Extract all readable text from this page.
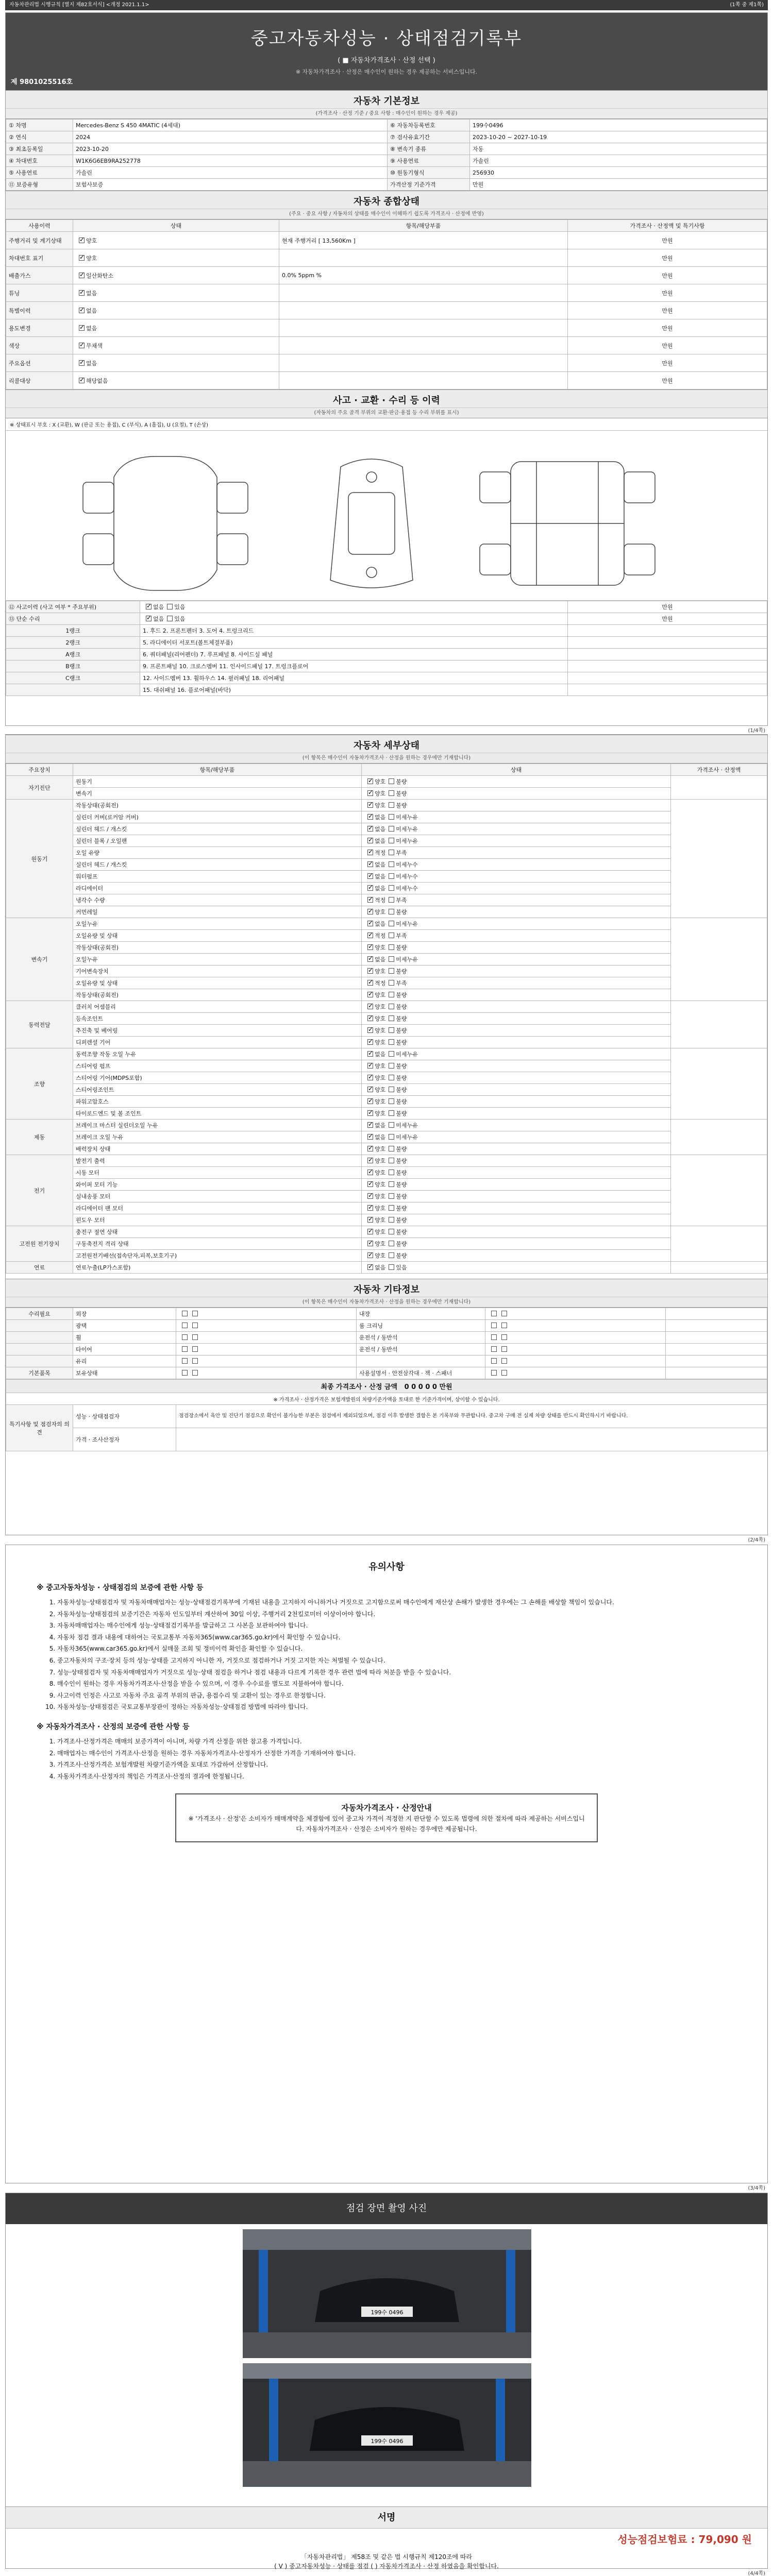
자동차관리법 시행규칙 [별지 제82호서식] <개정 2021.1.1>	(1쪽 중 제1쪽)
중고자동차성능 · 상태점검기록부
( ■ 자동차가격조사 · 산정 선택 )
※ 자동차가격조사 · 산정은 매수인이 원하는 경우 제공하는 서비스입니다.
제 9801025516호
자동차 기본정보
(가격조사 · 산정 기준 / 중요 사항 : 매수인이 원하는 경우 제공)
① 차명	Mercedes-Benz S 450 4MATIC (4세대)	⑥ 자동차등록번호	199수0496
② 연식	2024	⑦ 검사유효기간	2023-10-20 ~ 2027-10-19
③ 최초등록일	2023-10-20	⑧ 변속기 종류	자동
④ 차대번호	W1K6G6EB9RA252778	⑨ 사용연료	가솔린
⑤ 사용연료	가솔린	⑩ 원동기형식	256930
⑪ 보증유형	보험사보증	가격산정 기준가격	만원
자동차 종합상태
(주요 · 중요 사항 / 자동차의 상태를 매수인이 이해하기 쉽도록 가격조사 · 산정에 반영)
사용이력	상태	항목/해당부품	가격조사 · 산정액 및 특기사항
주행거리 및 계기상태	✓양호	현재 주행거리 [ 13,560Km ]	만원
차대번호 표기	✓양호		만원
배출가스	✓일산화탄소	0.0% 5ppm %	만원
튜닝	✓없음		만원
특별이력	✓없음		만원
용도변경	✓없음		만원
색상	✓무채색		만원
주요옵션	✓없음		만원
리콜대상	✓해당없음		만원
사고 · 교환 · 수리 등 이력
(자동차의 주요 골격 부위의 교환·판금·용접 등 수리 부위를 표시)
※ 상태표시 부호 : X (교환), W (판금 또는 용접), C (부식), A (흠집), U (요철), T (손상)
⑫ 사고이력 (사고 여부 * 주요부위)	✓없음 있음	만원
⑬ 단순 수리	✓없음 있음	만원
1랭크	1. 후드 2. 프론트펜더 3. 도어 4. 트렁크리드	
2랭크	5. 라디에이터 서포트(볼트체결부품)	
A랭크	6. 쿼터패널(리어펜더) 7. 루프패널 8. 사이드실 패널	
B랭크	9. 프론트패널 10. 크로스멤버 11. 인사이드패널 17. 트렁크플로어	
C랭크	12. 사이드멤버 13. 휠하우스 14. 필러패널 18. 리어패널	
	15. 대쉬패널 16. 플로어패널(바닥)	
(1/4쪽)
자동차 세부상태
(이 항목은 매수인이 자동차가격조사 · 산정을 원하는 경우에만 기재합니다)
주요장치	항목/해당부품	상태	가격조사 · 산정액
자기진단	원동기	✓양호 불량	
	변속기	✓양호 불량
원동기	작동상태(공회전)	✓양호 불량	
	실린더 커버(로커암 커버)	✓없음 미세누유
	실린더 헤드 / 개스킷	✓없음 미세누유
	실린더 블록 / 오일팬	✓없음 미세누유
	오일 유량	✓적정 부족
	실린더 헤드 / 개스킷	✓없음 미세누수
	워터펌프	✓없음 미세누수
	라디에이터	✓없음 미세누수
	냉각수 수량	✓적정 부족
	커먼레일	✓양호 불량
변속기	오일누유	✓없음 미세누유	
	오일유량 및 상태	✓적정 부족
	작동상태(공회전)	✓양호 불량
	오일누유	✓없음 미세누유
	기어변속장치	✓양호 불량
	오일유량 및 상태	✓적정 부족
	작동상태(공회전)	✓양호 불량
동력전달	클러치 어셈블리	✓양호 불량	
	등속조인트	✓양호 불량
	추진축 및 베어링	✓양호 불량
	디퍼렌셜 기어	✓양호 불량
조향	동력조향 작동 오일 누유	✓없음 미세누유	
	스티어링 펌프	✓양호 불량
	스티어링 기어(MDPS포함)	✓양호 불량
	스티어링조인트	✓양호 불량
	파워고압호스	✓양호 불량
	타이로드엔드 및 볼 조인트	✓양호 불량
제동	브레이크 마스터 실린더오일 누유	✓없음 미세누유	
	브레이크 오일 누유	✓없음 미세누유
	배력장치 상태	✓양호 불량
전기	발전기 출력	✓양호 불량	
	시동 모터	✓양호 불량
	와이퍼 모터 기능	✓양호 불량
	실내송풍 모터	✓양호 불량
	라디에이터 팬 모터	✓양호 불량
	윈도우 모터	✓양호 불량
고전원 전기장치	충전구 절연 상태	✓양호 불량	
	구동축전지 격리 상태	✓양호 불량
	고전원전기배선(접속단자,피복,보호기구)	✓양호 불량
연료	연료누출(LP가스포함)	✓없음 있음	
자동차 기타정보
(이 항목은 매수인이 자동차가격조사 · 산정을 원하는 경우에만 기재합니다)
수리필요	외장		내장		
	광택		룸 크리닝		
	휠		운전석 / 동반석		
	타이어		운전석 / 동반석		
	유리				
기본품목	보유상태		사용설명서 · 안전삼각대 · 잭 · 스패너		
최종 가격조사 · 산정 금액 0 0 0 0 0 만원		
※ 가격조사 · 산정가격은 보험개발원의 차량기준가액을 토대로 한 기준가격이며, 상이할 수 있습니다.		
특기사항 및 점검자의 의견	성능 · 상태점검자	점검장소에서 육안 및 진단기 점검으로 확인이 불가능한 부분은 점검에서 제외되었으며, 점검 이후 발생한 결함은 본 기록부와 무관합니다. 중고차 구매 전 실제 차량 상태를 반드시 확인하시기 바랍니다.
	가격 · 조사산정자	
(2/4쪽)
유의사항
※ 중고자동차성능 · 상태점검의 보증에 관한 사항 등
1. 자동차성능·상태점검자 및 자동차매매업자는 성능·상태점검기록부에 기재된 내용을 고지하지 아니하거나 거짓으로 고지함으로써 매수인에게 재산상 손해가 발생한 경우에는 그 손해를 배상할 책임이 있습니다.
2. 자동차성능·상태점검의 보증기간은 자동차 인도일부터 계산하여 30일 이상, 주행거리 2천킬로미터 이상이어야 합니다.
3. 자동차매매업자는 매수인에게 성능·상태점검기록부를 발급하고 그 사본을 보관하여야 합니다.
4. 자동차 점검 결과 내용에 대하여는 국토교통부 자동차365(www.car365.go.kr)에서 확인할 수 있습니다.
5. 자동차365(www.car365.go.kr)에서 실매물 조회 및 정비이력 확인을 확인할 수 있습니다.
6. 중고자동차의 구조·장치 등의 성능·상태를 고지하지 아니한 자, 거짓으로 점검하거나 거짓 고지한 자는 처벌될 수 있습니다.
7. 성능·상태점검자 및 자동차매매업자가 거짓으로 성능·상태 점검을 하거나 점검 내용과 다르게 기록한 경우 관련 법에 따라 처분을 받을 수 있습니다.
8. 매수인이 원하는 경우 자동차가격조사·산정을 받을 수 있으며, 이 경우 수수료를 별도로 지불하여야 합니다.
9. 사고이력 인정은 사고로 자동차 주요 골격 부위의 판금, 용접수리 및 교환이 있는 경우로 한정합니다.
10. 자동차성능·상태점검은 국토교통부장관이 정하는 자동차성능·상태점검 방법에 따라야 합니다.
※ 자동차가격조사 · 산정의 보증에 관한 사항 등
1. 가격조사·산정가격은 매매의 보증가격이 아니며, 차량 가격 산정을 위한 참고용 가격입니다.
2. 매매업자는 매수인이 가격조사·산정을 원하는 경우 자동차가격조사·산정자가 산정한 가격을 기재하여야 합니다.
3. 가격조사·산정가격은 보험개발원 차량기준가액을 토대로 가감하여 산정합니다.
4. 자동차가격조사·산정자의 책임은 가격조사·산정의 결과에 한정됩니다.
자동차가격조사 · 산정안내

※ '가격조사 · 산정'은 소비자가 매매계약을 체결함에 있어 중고차 가격이 적정한 지 판단할 수 있도록 법령에 의한 절차에 따라 제공하는 서비스입니다. 자동차가격조사 · 산정은 소비자가 원하는 경우에만 제공됩니다.

(3/4쪽)
점검 장면 촬영 사진
199수 0496
199수 0496
서명
성능점검보험료 : 79,090 원
「자동차관리법」 제58조 및 같은 법 시행규칙 제120조에 따라
( V ) 중고자동차성능 · 상태를 점검 ( ) 자동차가격조사 · 산정 하였음을 확인합니다.
(4/4쪽)
